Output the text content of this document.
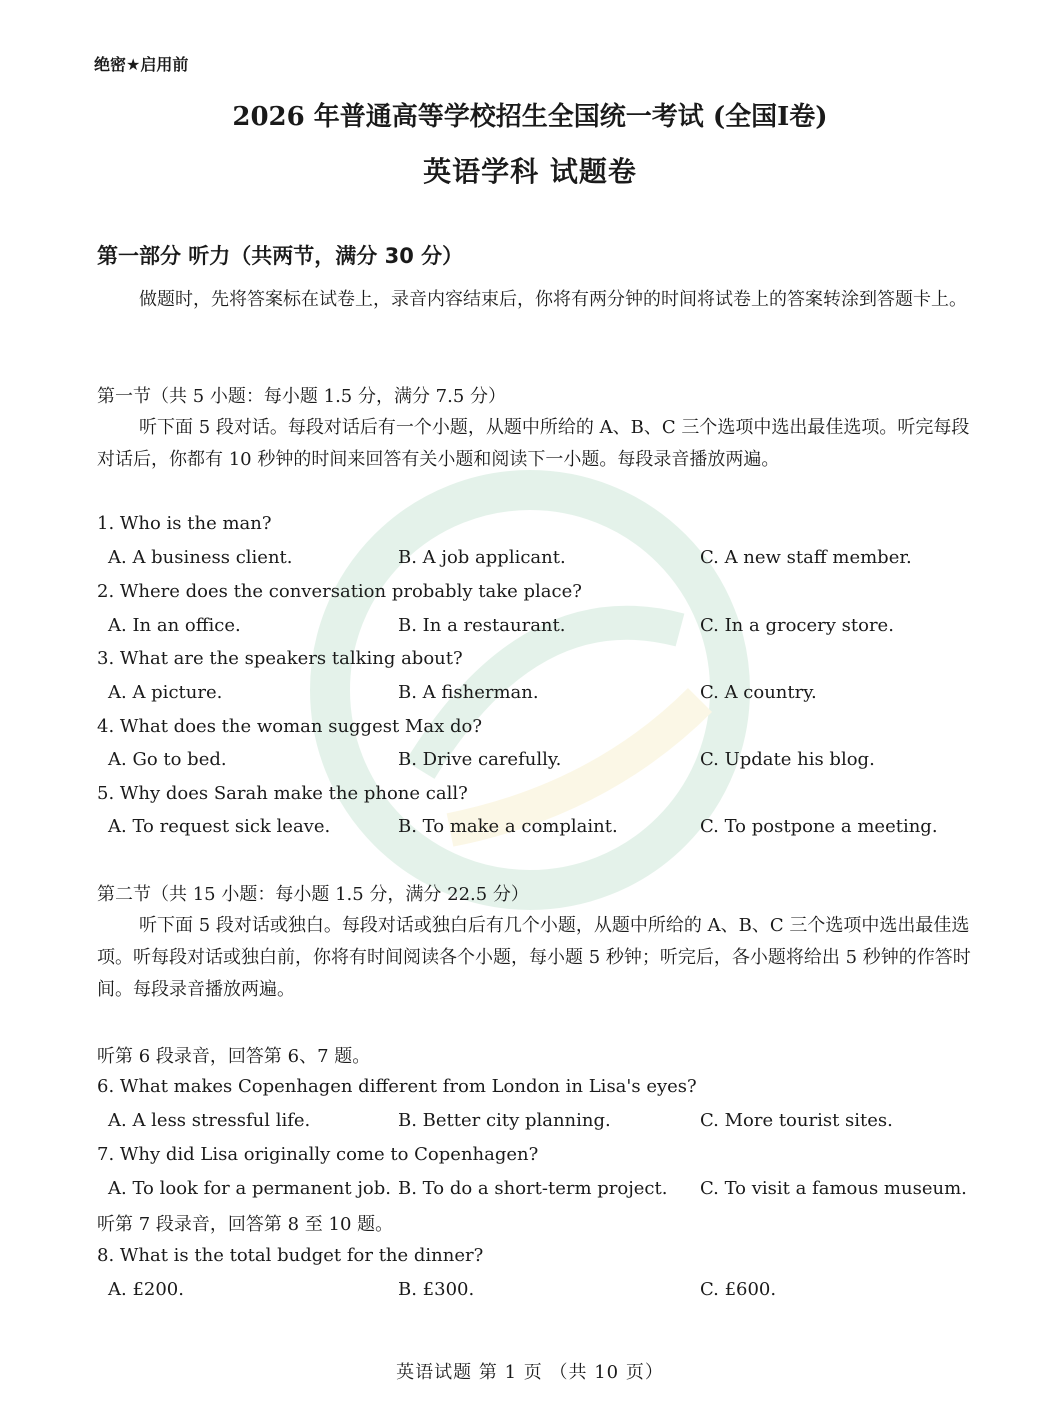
绝密★启用前
2026 年普通高等学校招生全国统一考试 (全国I卷)
英语学科 试题卷
第一部分 听力（共两节，满分 30 分）
做题时，先将答案标在试卷上，录音内容结束后，你将有两分钟的时间将试卷上的答案转涂到答题卡上。
第一节（共 5 小题：每小题 1.5 分，满分 7.5 分）
听下面 5 段对话。每段对话后有一个小题，从题中所给的 A、B、C 三个选项中选出最佳选项。听完每段对话后，你都有 10 秒钟的时间来回答有关小题和阅读下一小题。每段录音播放两遍。
1. Who is the man?
A. A business client.	B. A job applicant.	C. A new staff member.
2. Where does the conversation probably take place?
A. In an office.	B. In a restaurant.	C. In a grocery store.
3. What are the speakers talking about?
A. A picture.	B. A fisherman.	C. A country.
4. What does the woman suggest Max do?
A. Go to bed.	B. Drive carefully.	C. Update his blog.
5. Why does Sarah make the phone call?
A. To request sick leave.	B. To make a complaint.	C. To postpone a meeting.
第二节（共 15 小题：每小题 1.5 分，满分 22.5 分）
听下面 5 段对话或独白。每段对话或独白后有几个小题，从题中所给的 A、B、C 三个选项中选出最佳选项。听每段对话或独白前，你将有时间阅读各个小题，每小题 5 秒钟；听完后，各小题将给出 5 秒钟的作答时间。每段录音播放两遍。
听第 6 段录音，回答第 6、7 题。
6. What makes Copenhagen different from London in Lisa's eyes?
A. A less stressful life.	B. Better city planning.	C. More tourist sites.
7. Why did Lisa originally come to Copenhagen?
A. To look for a permanent job. B. To do a short-term project. C. To visit a famous museum.
听第 7 段录音，回答第 8 至 10 题。
8. What is the total budget for the dinner?
A. £200.	B. £300.	C. £600.
英语试题 第 1 页 （共 10 页）
